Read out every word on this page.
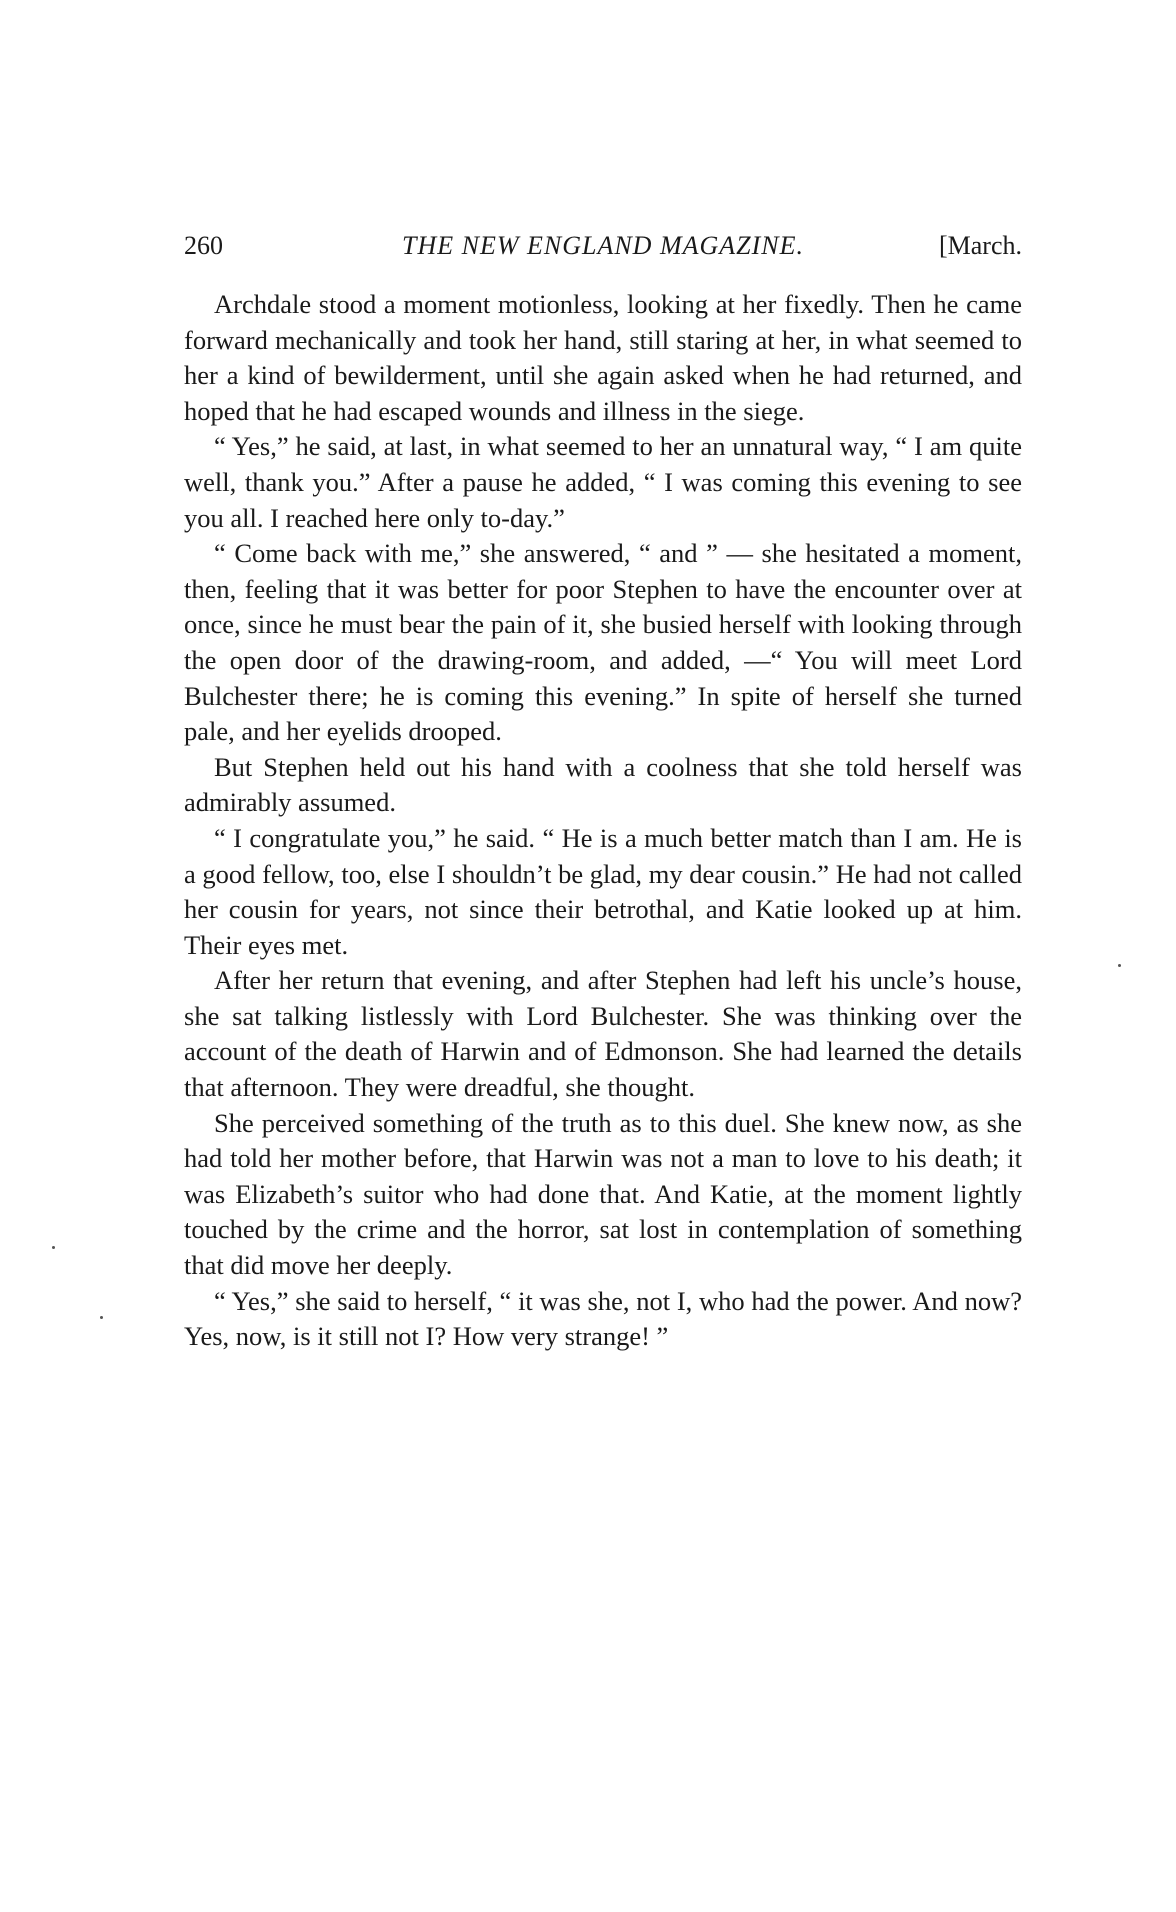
260	THE NEW ENGLAND MAGAZINE.	[March.

Archdale stood a moment motionless, looking at her fixedly. Then he came forward mechanically and took her hand, still staring at her, in what seemed to her a kind of bewilderment, until she again asked when he had returned, and hoped that he had escaped wounds and illness in the siege.

“ Yes,” he said, at last, in what seemed to her an unnatural way, “ I am quite well, thank you.” After a pause he added, “ I was coming this evening to see you all. I reached here only to-day.”

“ Come back with me,” she answered, “ and ” — she hesitated a moment, then, feeling that it was better for poor Stephen to have the encounter over at once, since he must bear the pain of it, she busied herself with looking through the open door of the drawing-room, and added, —“ You will meet Lord Bulchester there; he is coming this evening.” In spite of herself she turned pale, and her eyelids drooped.

But Stephen held out his hand with a coolness that she told herself was admirably assumed.

“ I congratulate you,” he said. “ He is a much better match than I am. He is a good fellow, too, else I shouldn’t be glad, my dear cousin.” He had not called her cousin for years, not since their betrothal, and Katie looked up at him. Their eyes met.

After her return that evening, and after Stephen had left his uncle’s house, she sat talking listlessly with Lord Bulchester. She was thinking over the account of the death of Harwin and of Edmonson. She had learned the details that afternoon. They were dreadful, she thought.

She perceived something of the truth as to this duel. She knew now, as she had told her mother before, that Harwin was not a man to love to his death; it was Elizabeth’s suitor who had done that. And Katie, at the moment lightly touched by the crime and the horror, sat lost in contemplation of something that did move her deeply.

“ Yes,” she said to herself, “ it was she, not I, who had the power. And now? Yes, now, is it still not I? How very strange! ”
